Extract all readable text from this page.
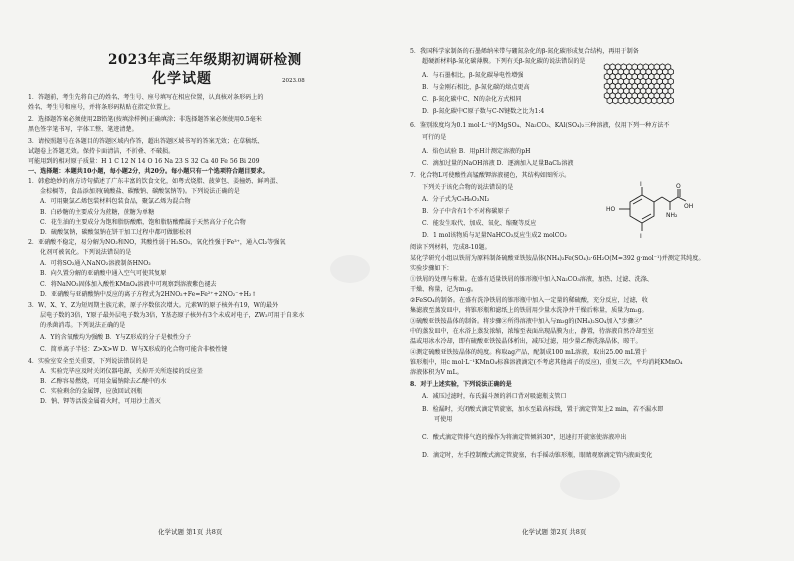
2023年高三年级期初调研检测
化学试题	2023.08
化学试题 第1页 共8页
1．答题前，考生先将自己的姓名、考生号、座号填写在相应位置，认真核对条形码上的
姓名、考生号和座号，并将条形码粘贴在指定位置上。
2．选择题答案必须使用2B铅笔(按填涂样例)正确填涂；非选择题答案必须使用0.5毫米
黑色签字笔书写，字体工整、笔迹清楚。
3．请按照题号在各题目的答题区域内作答，超出答题区域书写的答案无效；在草稿纸、
试题卷上答题无效。保持卡面清洁，不折叠、不破损。
可能用到的相对原子质量：H 1 C 12 N 14 O 16 Na 23 S 32 Ca 40 Fe 56 Bi 209
一、选择题：本题共10小题，每小题2分，共20分。每小题只有一个选项符合题目要求。
1．韩愈绝妙的南方诗句描述了广东丰富的饮食文化，如粤式烧腊、菠萝包、姜撞奶、鲜鸡蛋、
金棕榈等，食品添加剂(硫酸盐、碳酸钠、碳酸氢钠等)。下列说法正确的是
A．可用聚氯乙烯包装材料包装食品，聚氯乙烯为混合物
B．白砂糖的主要成分为蔗糖，蔗糖为单糖
C．花生油的主要成分为饱和脂肪酸酯，饱和脂肪酸酯属于天然高分子化合物
D．硫酸氢钠，碳酸氢钠在饼干加工过程中都可做膨松剂
2．亚硝酸不稳定，易分解为NO₂和NO，其酸性弱于H₂SO₃，氧化性强于Fe³⁺，通入Cl₂等强氧
化剂可被氧化。下列说法错误的是
A．可将SO₂通入NaNO₂溶液制备HNO₂
B．向久置分解的亚硝酸中通入空气可使其复原
C．将NaNO₂固体加入酸性KMnO₄溶液中可观察到溶液紫色褪去
D．亚硝酸与亚硝酸钠中反应的离子方程式为2HNO₂+Fe=Fe²⁺+2NO₂⁻+H₂↑
3．W、X、Y、Z为短周期主族元素，原子序数依次增大。元素W的原子核外有19，W的最外
层电子数的3倍，Y原子最外层电子数为3倍，Y基态原子核外有3个未成对电子，ZW₂可用于自来水
的杀菌消毒。下列说法正确的是
A．Y的含氧酸均为强酸 B．Y与Z形成的分子是极性分子
C．简单离子半径：Z>X>W D．W与X形成的化合物可能含非极性键
4．实验室安全至关重要，下列说法错误的是
A．实验完毕应及时关闭仪器电源，关掉开关所连接的反应釜
B．乙醇容易燃烧，可用金属钠除去乙醚中的水
C．实验剩余的金属钾，应放回试剂瓶
D．钠、钾等活泼金属着火时，可用沙土盖灭
化学试题 第2页 共8页
5．我国科学家制备的石墨烯纳米带与硼氮杂化的β-氮化碳形成复合结构，再用于制备
超硬新材料β-氮化碳薄膜。下列有关β-氮化碳的说法错误的是
A．与石墨相比，β-氮化碳导电性增强
B．与金刚石相比，β-氮化碳的熔点更高
C．β-氮化碳中C、N的杂化方式相同
D．β-氮化碳中C原子数与C-N键数之比为1:4
6．鉴别浓度均为0.1 mol·L⁻¹的MgSO₄、Na₂CO₃、KAl(SO₄)₂三种溶液，仅用下列一种方法不
可行的是
A．焰色试验 B．用pH计测定溶液的pH
C．滴加过量的NaOH溶液 D．逐滴加入足量BaCl₂溶液
7．化合物L可使酸性高锰酸钾溶液褪色，其结构如图所示。
下列关于该化合物的说法错误的是
A．分子式为C₉H₈O₃NI₂
B．分子中含有1个不对称碳原子
C．能发生取代、加成、氧化、缩聚等反应
D．1 mol该物质与足量NaHCO₃反应生成2 molCO₂
阅读下列材料，完成8-10题。
某化学研究小组以铁屑为原料制备硫酸亚铁铵晶体(NH₄)₂Fe(SO₄)₂·6H₂O(M=392 g·mol⁻¹)并测定其纯度。
实验步骤如下：
①铁屑的处理与称量。在盛有适量铁屑的锥形瓶中加入Na₂CO₃溶液，加热、过滤、洗涤、
干燥、称量，记为m₁g。
②FeSO₄的制备。在盛有洗净铁屑的锥形瓶中加入一定量的稀硫酸，充分反应，过滤，收
集滤液至蒸发皿中，将锥形瓶和滤纸上的铁屑用少量水洗净并干燥后称量，质量为m₂g。
③硫酸亚铁铵晶体的制备。将步骤②所得溶液中加入与m₃g的(NH₄)₂SO₄加入"步骤②"
中的蒸发皿中，在水浴上蒸发浓缩，浓缩至表面出现晶膜为止，静置，待溶液自然冷却至室
温或用冰水冷却，即有硫酸亚铁铵晶体析出，减压过滤，用少量乙醇洗涤晶体，晾干。
④测定硫酸亚铁铵晶体的纯度。称取ag产品，配制成100 mL溶液，取出25.00 mL置于
锥形瓶中，用c mol·L⁻¹KMnO₄标准溶液滴定(不考虑其他离子的反应)，重复三次，平均消耗KMnO₄
溶液体积为V mL。
8．对于上述实验，下列说法正确的是
A．减压过滤时，布氏漏斗颈的斜口背对吸滤瓶支管口
B．检漏时，关闭酸式滴定管旋塞，加水至最高标线，置于滴定管架上2 min，若不漏水即
可使用
C．酸式滴定管排气泡的操作为将滴定管倾斜30°，迅速打开旋塞使溶液冲出
D．滴定时，左手控制酸式滴定管旋塞，右手摇动锥形瓶，眼睛观察滴定管内液面变化
HO
I
I
NH₂
OH
O
